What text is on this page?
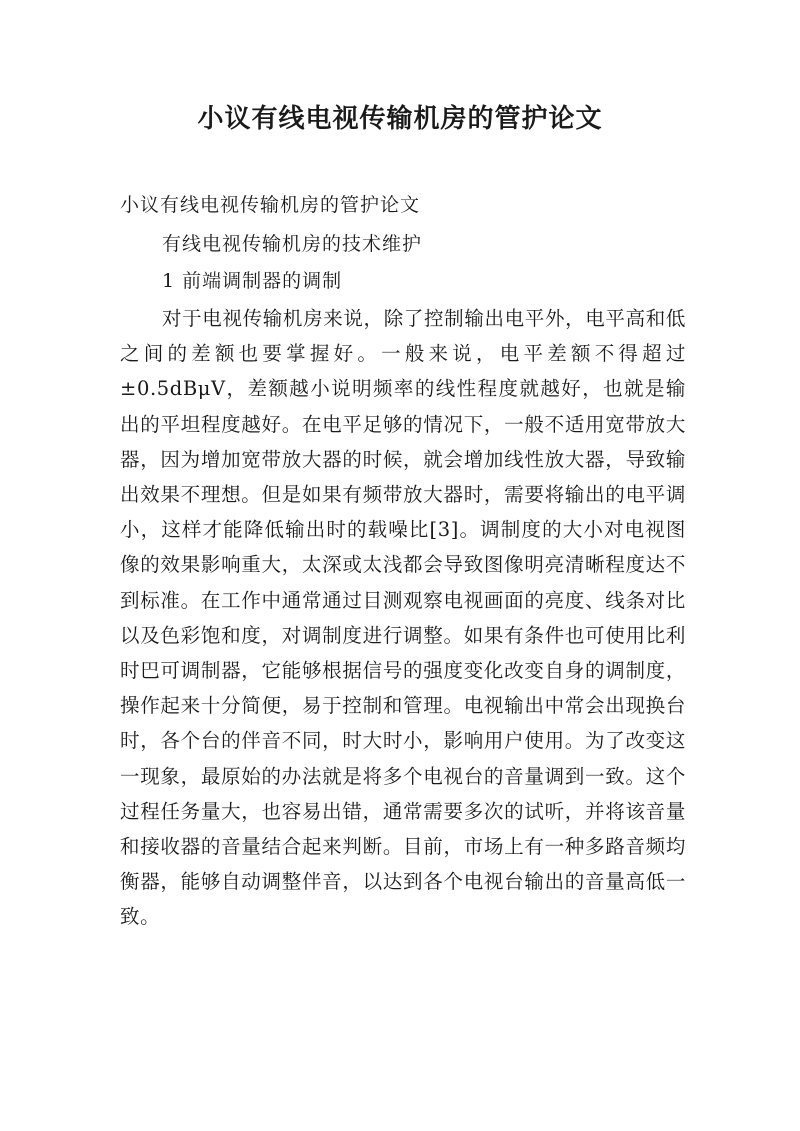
小议有线电视传输机房的管护论文

小议有线电视传输机房的管护论文

有线电视传输机房的技术维护

1 前端调制器的调制

对于电视传输机房来说，除了控制输出电平外，电平高和低之间的差额也要掌握好。一般来说，电平差额不得超过±0.5dBμV，差额越小说明频率的线性程度就越好，也就是输出的平坦程度越好。在电平足够的情况下，一般不适用宽带放大器，因为增加宽带放大器的时候，就会增加线性放大器，导致输出效果不理想。但是如果有频带放大器时，需要将输出的电平调小，这样才能降低输出时的载噪比[3]。调制度的大小对电视图像的效果影响重大，太深或太浅都会导致图像明亮清晰程度达不到标准。在工作中通常通过目测观察电视画面的亮度、线条对比以及色彩饱和度，对调制度进行调整。如果有条件也可使用比利时巴可调制器，它能够根据信号的强度变化改变自身的调制度，操作起来十分简便，易于控制和管理。电视输出中常会出现换台时，各个台的伴音不同，时大时小，影响用户使用。为了改变这一现象，最原始的办法就是将多个电视台的音量调到一致。这个过程任务量大，也容易出错，通常需要多次的试听，并将该音量和接收器的音量结合起来判断。目前，市场上有一种多路音频均衡器，能够自动调整伴音，以达到各个电视台输出的音量高低一致。
